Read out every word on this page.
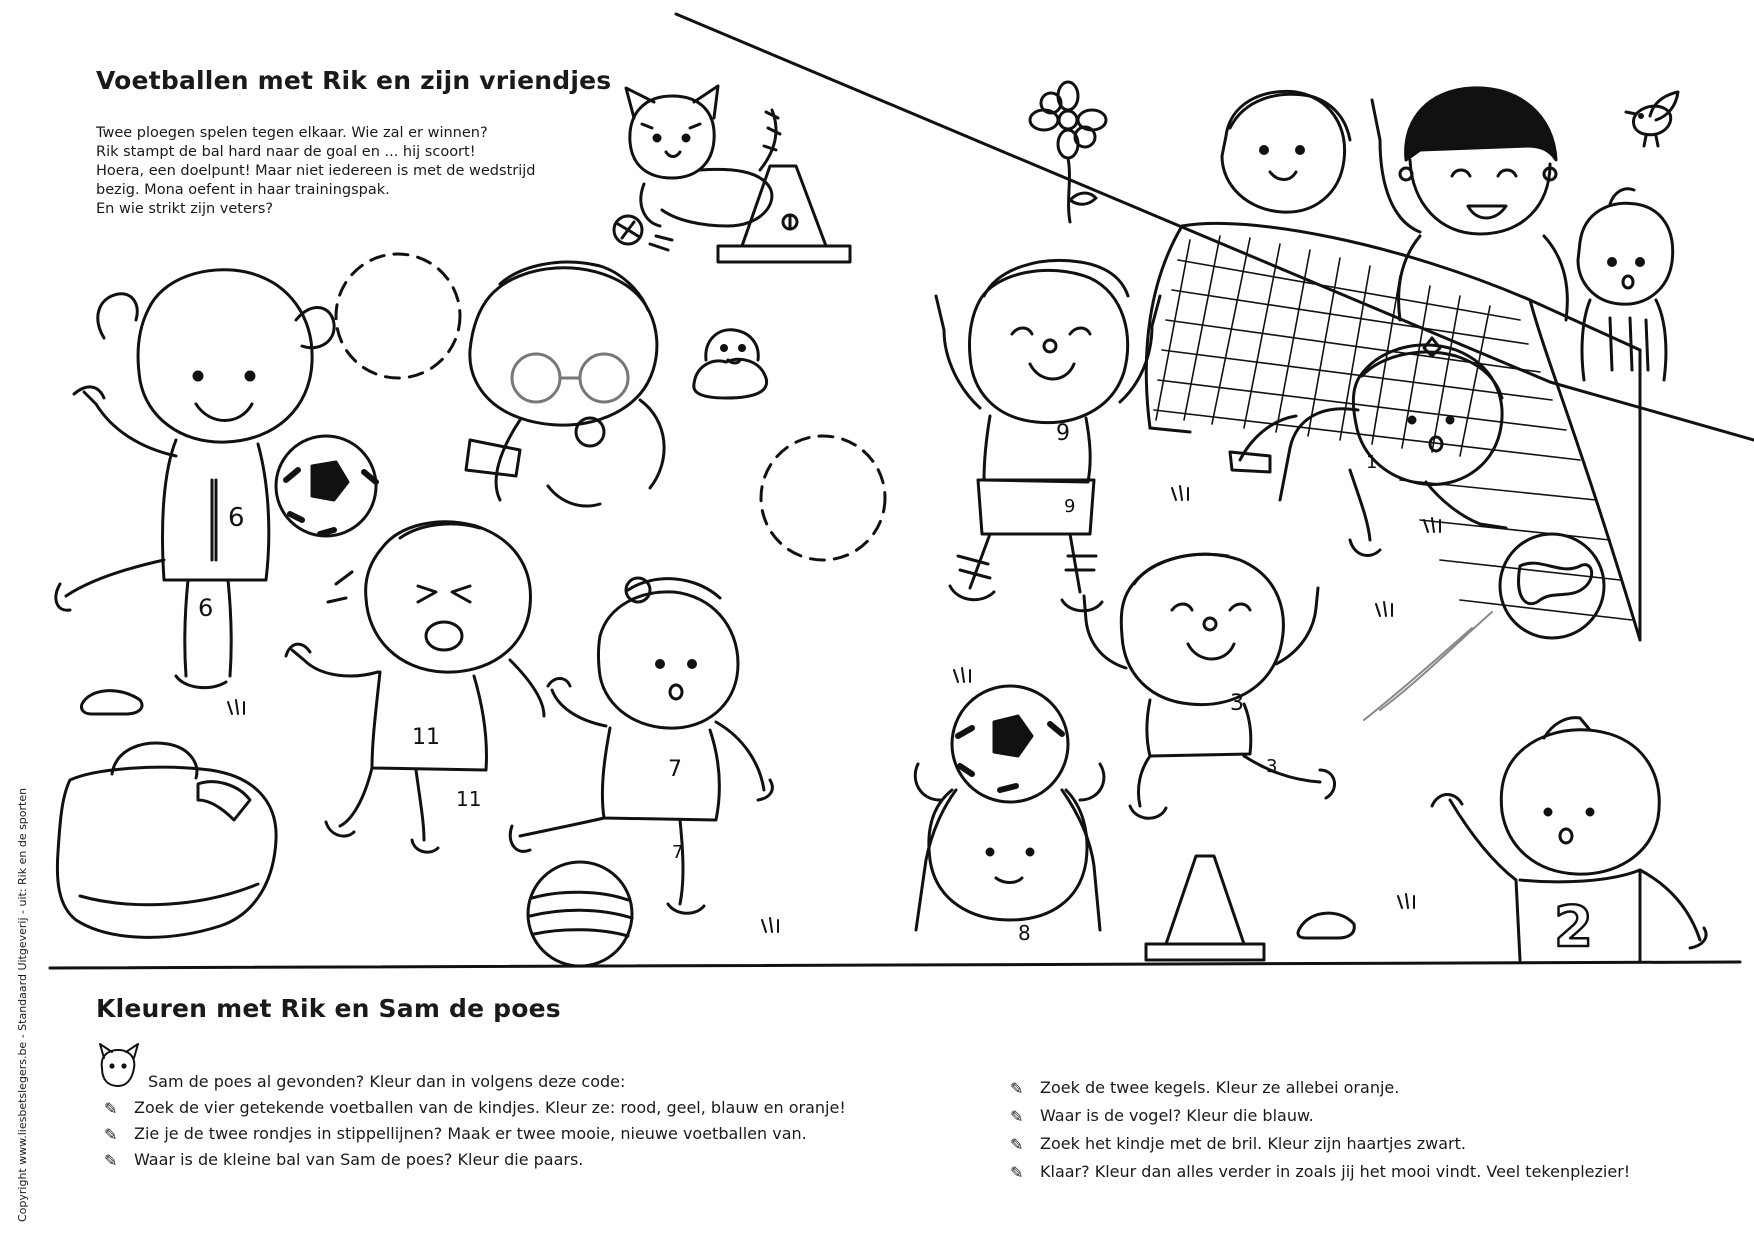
Voetballen met Rik en zijn vriendjes
Twee ploegen spelen tegen elkaar. Wie zal er winnen?
Rik stampt de bal hard naar de goal en ... hij scoort!
Hoera, een doelpunt! Maar niet iedereen is met de wedstrijd
bezig. Mona oefent in haar trainingspak.
En wie strikt zijn veters?
6
6
11
11
7
7
9
9
1
3
3
8	2
Kleuren met Rik en Sam de poes
Sam de poes al gevonden? Kleur dan in volgens deze code:
✎ Zoek de vier getekende voetballen van de kindjes. Kleur ze: rood, geel, blauw en oranje!
✎ Zie je de twee rondjes in stippellijnen? Maak er twee mooie, nieuwe voetballen van.
✎ Waar is de kleine bal van Sam de poes? Kleur die paars.
✎ Zoek de twee kegels. Kleur ze allebei oranje.
✎ Waar is de vogel? Kleur die blauw.
✎ Zoek het kindje met de bril. Kleur zijn haartjes zwart.
✎ Klaar? Kleur dan alles verder in zoals jij het mooi vindt. Veel tekenplezier!
Copyright www.liesbetslegers.be - Standaard Uitgeverij - uit: Rik en de sporten
